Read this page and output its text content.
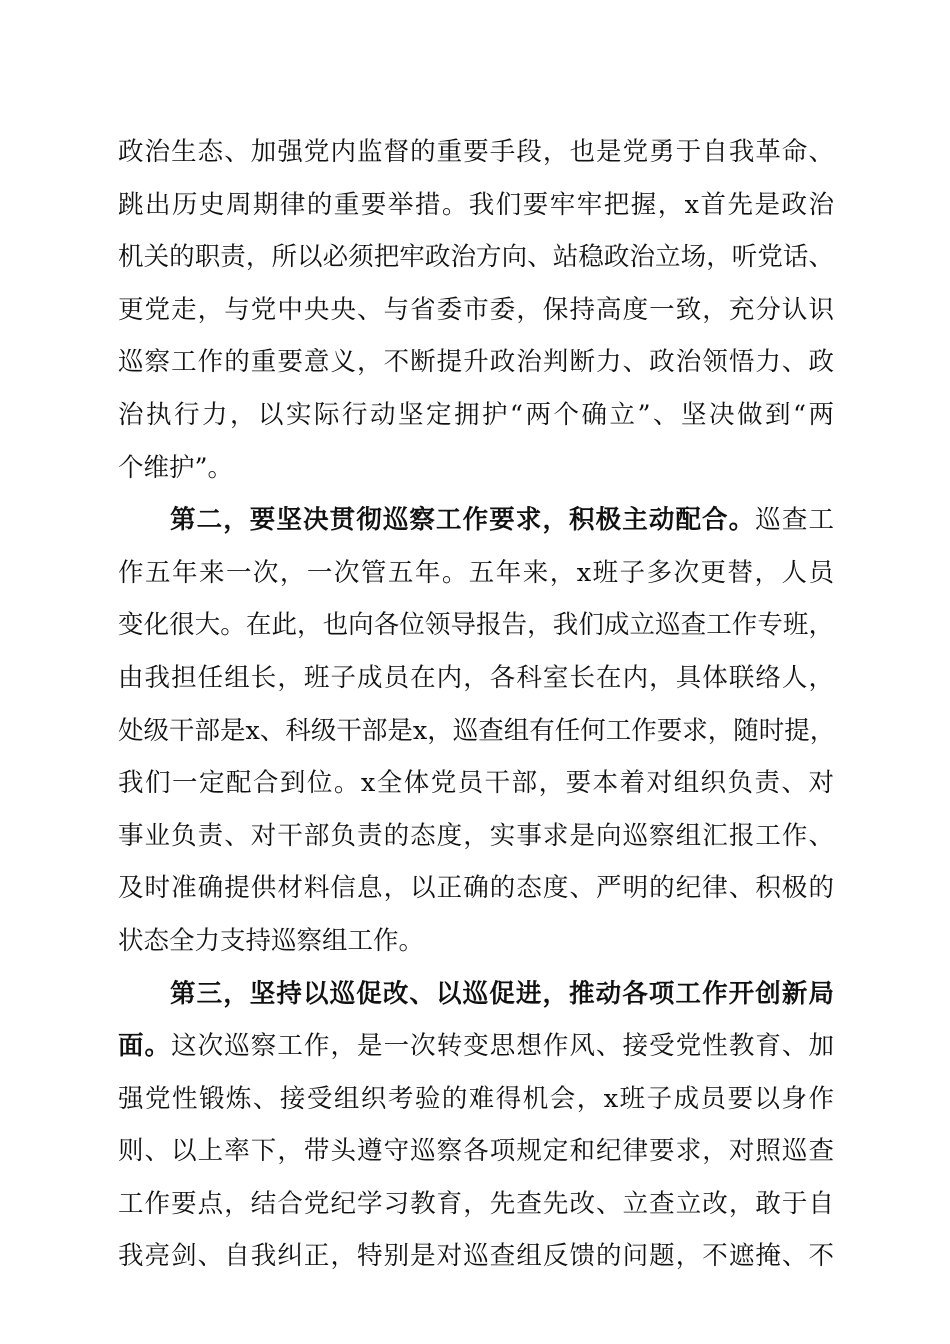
政治生态、加强党内监督的重要手段，也是党勇于自我革命、
跳出历史周期律的重要举措。我们要牢牢把握，x首先是政治
机关的职责，所以必须把牢政治方向、站稳政治立场，听党话、
更党走，与党中央央、与省委市委，保持高度一致，充分认识
巡察工作的重要意义，不断提升政治判断力、政治领悟力、政
治执行力，以实际行动坚定拥护“两个确立”、坚决做到“两
个维护”。
第二，要坚决贯彻巡察工作要求，积极主动配合。巡查工
作五年来一次，一次管五年。五年来，x班子多次更替，人员
变化很大。在此，也向各位领导报告，我们成立巡查工作专班，
由我担任组长，班子成员在内，各科室长在内，具体联络人，
处级干部是x、科级干部是x，巡查组有任何工作要求，随时提，
我们一定配合到位。x全体党员干部，要本着对组织负责、对
事业负责、对干部负责的态度，实事求是向巡察组汇报工作、
及时准确提供材料信息，以正确的态度、严明的纪律、积极的
状态全力支持巡察组工作。
第三，坚持以巡促改、以巡促进，推动各项工作开创新局
面。这次巡察工作，是一次转变思想作风、接受党性教育、加
强党性锻炼、接受组织考验的难得机会，x班子成员要以身作
则、以上率下，带头遵守巡察各项规定和纪律要求，对照巡查
工作要点，结合党纪学习教育，先查先改、立查立改，敢于自
我亮剑、自我纠正，特别是对巡查组反馈的问题，不遮掩、不
